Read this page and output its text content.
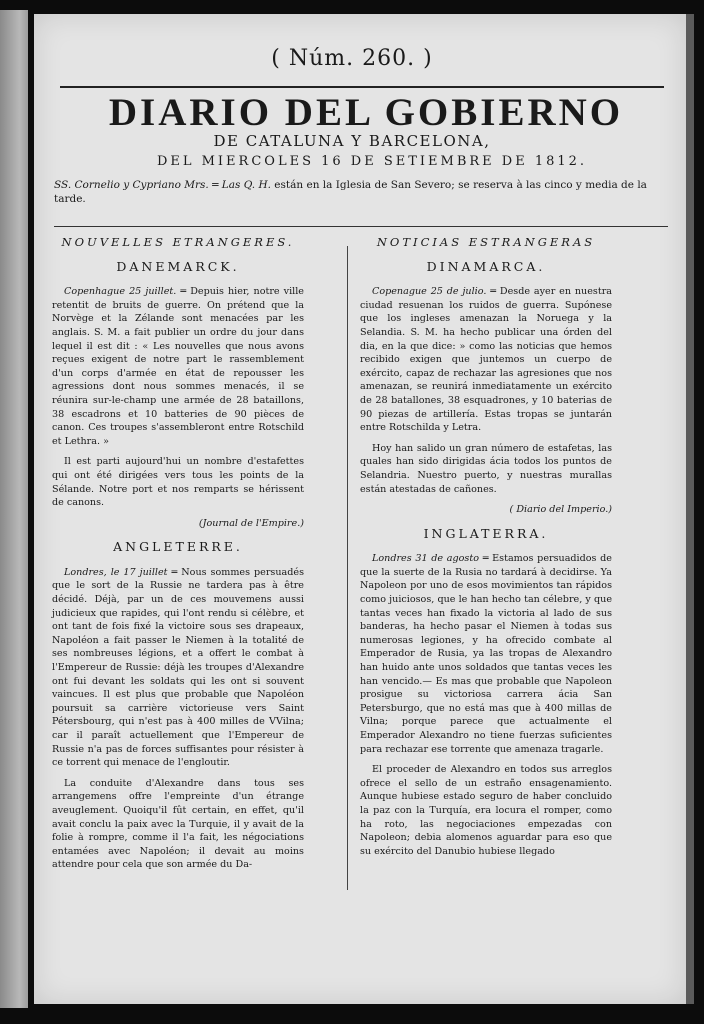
( Núm. 260. )
DIARIO DEL GOBIERNO
DE CATALUNA Y BARCELONA,
DEL MIERCOLES 16 DE SETIEMBRE DE 1812.
SS. Cornelio y Cypriano Mrs. ═ Las Q. H. están en la Iglesia de San Severo; se reserva à las cinco y media de la tarde.
NOUVELLES ETRANGERES.
DANEMARCK.

Copenhague 25 juillet. ═ Depuis hier, notre ville retentit de bruits de guerre. On prétend que la Norvège et la Zélande sont menacées par les anglais. S. M. a fait publier un ordre du jour dans lequel il est dit : « Les nouvelles que nous avons reçues exigent de notre part le rassemblement d'un corps d'armée en état de repousser les agressions dont nous sommes menacés, il se réunira sur-le-champ une armée de 28 bataillons, 38 escadrons et 10 batteries de 90 pièces de canon. Ces troupes s'assembleront entre Rotschild et Lethra. »

Il est parti aujourd'hui un nombre d'estafettes qui ont été dirigées vers tous les points de la Sélande. Notre port et nos remparts se hérissent de canons.

(Journal de l'Empire.)
ANGLETERRE.

Londres, le 17 juillet ═ Nous sommes persuadés que le sort de la Russie ne tardera pas à être décidé. Déjà, par un de ces mouvemens aussi judicieux que rapides, qui l'ont rendu si célèbre, et ont tant de fois fixé la victoire sous ses drapeaux, Napoléon a fait passer le Niemen à la totalité de ses nombreuses légions, et a offert le combat à l'Empereur de Russie: déjà les troupes d'Alexandre ont fui devant les soldats qui les ont si souvent vaincues. Il est plus que probable que Napoléon poursuit sa carrière victorieuse vers Saint Pétersbourg, qui n'est pas à 400 milles de VVilna; car il paraît actuellement que l'Empereur de Russie n'a pas de forces suffisantes pour résister à ce torrent qui menace de l'engloutir.

La conduite d'Alexandre dans tous ses arrangemens offre l'empreinte d'un étrange aveuglement. Quoiqu'il fût certain, en effet, qu'il avait conclu la paix avec la Turquie, il y avait de la folie à rompre, comme il l'a fait, les négociations entamées avec Napoléon; il devait au moins attendre pour cela que son armée du Da-

NOTICIAS ESTRANGERAS
DINAMARCA.

Copenague 25 de julio. ═ Desde ayer en nuestra ciudad resuenan los ruidos de guerra. Supónese que los ingleses amenazan la Noruega y la Selandia. S. M. ha hecho publicar una órden del dia, en la que dice: » como las noticias que hemos recibido exigen que juntemos un cuerpo de exército, capaz de rechazar las agresiones que nos amenazan, se reunirá inmediatamente un exército de 28 batallones, 38 esquadrones, y 10 baterias de 90 piezas de artillería. Estas tropas se juntarán entre Rotschilda y Letra.

Hoy han salido un gran número de estafetas, las quales han sido dirigidas ácia todos los puntos de Selandria. Nuestro puerto, y nuestras murallas están atestadas de cañones.

( Diario del Imperio.)
INGLATERRA.

Londres 31 de agosto ═ Estamos persuadidos de que la suerte de la Rusia no tardará à decidirse. Ya Napoleon por uno de esos movimientos tan rápidos como juiciosos, que le han hecho tan célebre, y que tantas veces han fixado la victoria al lado de sus banderas, ha hecho pasar el Niemen à todas sus numerosas legiones, y ha ofrecido combate al Emperador de Rusia, ya las tropas de Alexandro han huido ante unos soldados que tantas veces les han vencido.— Es mas que probable que Napoleon prosigue su victoriosa carrera ácia San Petersburgo, que no está mas que à 400 millas de Vilna; porque parece que actualmente el Emperador Alexandro no tiene fuerzas suficientes para rechazar ese torrente que amenaza tragarle.

El proceder de Alexandro en todos sus arreglos ofrece el sello de un estraño ensagenamiento. Aunque hubiese estado seguro de haber concluido la paz con la Turquía, era locura el romper, como ha roto, las negociaciones empezadas con Napoleon; debia alomenos aguardar para eso que su exército del Danubio hubiese llegado
